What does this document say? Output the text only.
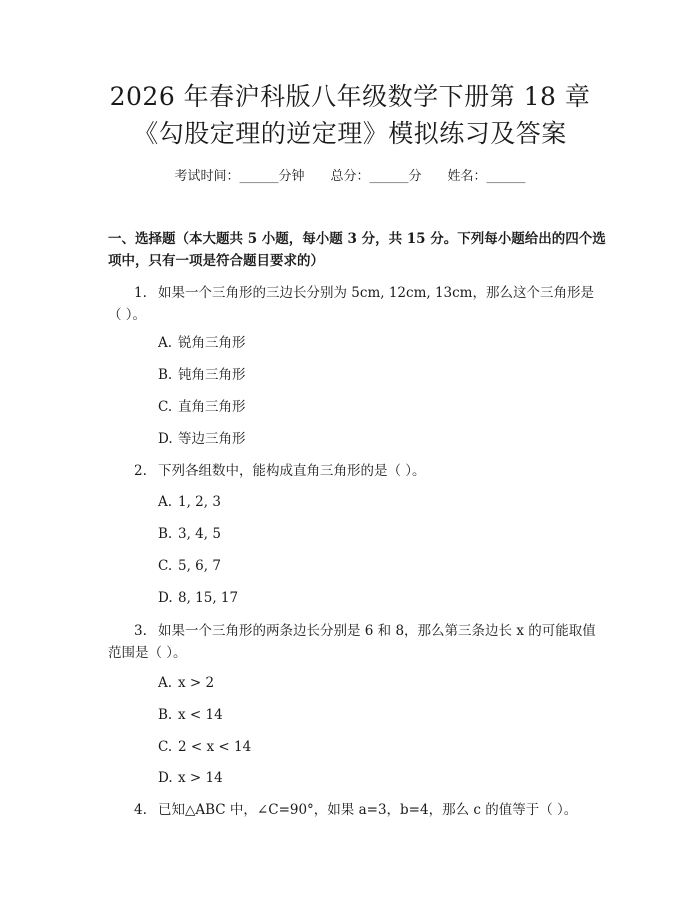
2026 年春沪科版八年级数学下册第 18 章
《勾股定理的逆定理》模拟练习及答案
考试时间：______分钟 总分：______分 姓名：______
一、选择题（本大题共 5 小题，每小题 3 分，共 15 分。下列每小题给出的四个选项中，只有一项是符合题目要求的）
1. 如果一个三角形的三边长分别为 5cm, 12cm, 13cm，那么这个三角形是（ ）。
A. 锐角三角形
B. 钝角三角形
C. 直角三角形
D. 等边三角形
2. 下列各组数中，能构成直角三角形的是（ ）。
A. 1, 2, 3
B. 3, 4, 5
C. 5, 6, 7
D. 8, 15, 17
3. 如果一个三角形的两条边长分别是 6 和 8，那么第三条边长 x 的可能取值范围是（ ）。
A. x > 2
B. x < 14
C. 2 < x < 14
D. x > 14
4. 已知△ABC 中，∠C=90°，如果 a=3，b=4，那么 c 的值等于（ ）。
